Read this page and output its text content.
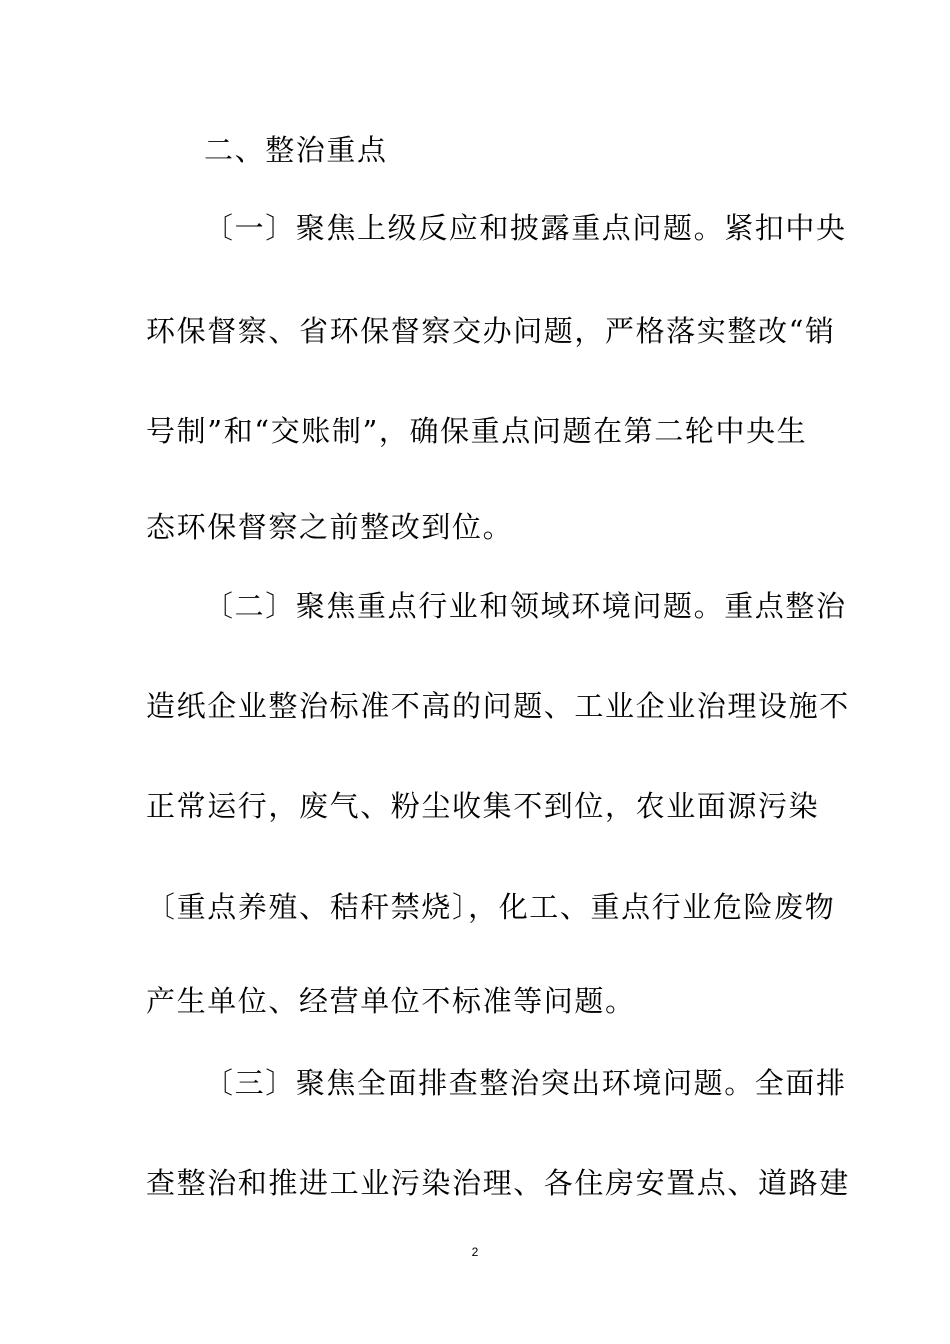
二、整治重点
〔一〕聚焦上级反应和披露重点问题。紧扣中央
环保督察、省环保督察交办问题，严格落实整改“销
号制”和“交账制”，确保重点问题在第二轮中央生
态环保督察之前整改到位。
〔二〕聚焦重点行业和领域环境问题。重点整治
造纸企业整治标准不高的问题、工业企业治理设施不
正常运行，废气、粉尘收集不到位，农业面源污染
〔重点养殖、秸秆禁烧〕，化工、重点行业危险废物
产生单位、经营单位不标准等问题。
〔三〕聚焦全面排查整治突出环境问题。全面排
查整治和推进工业污染治理、各住房安置点、道路建
2
